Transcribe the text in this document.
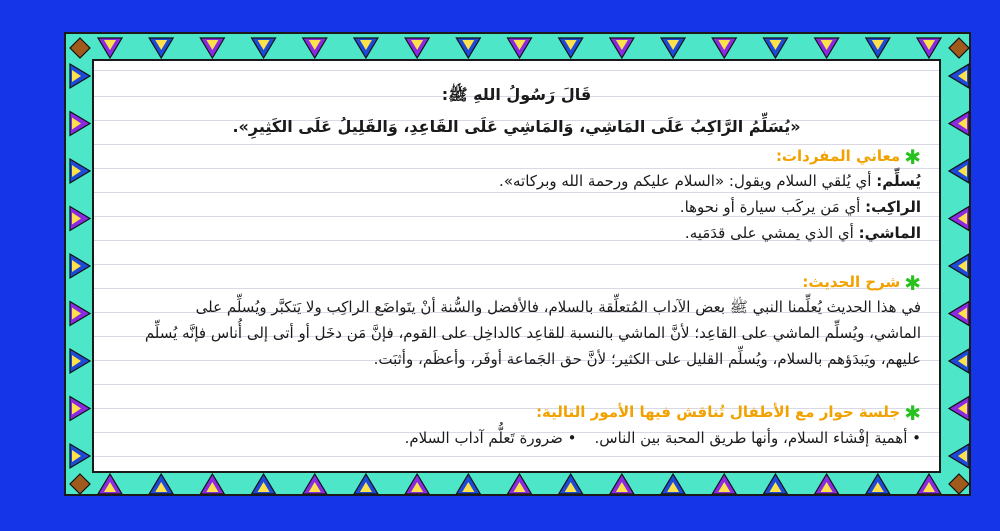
قَالَ رَسُولُ اللهِ ﷺ:
«يُسَلِّمُ الرَّاكِبُ عَلَى المَاشِي، وَالمَاشِي عَلَى القَاعِدِ، وَالقَلِيلُ عَلَى الكَثِيرِ».
✱معاني المفردات:
يُسلِّم: أي يُلقي السلام ويقول: «السلام عليكم ورحمة الله وبركاته».
الراكِب: أي مَن يركَب سيارة أو نحوها.
الماشي: أي الذي يمشي على قدَمَيه.
✱شرح الحديث:
في هذا الحديث يُعلِّمنا النبي ﷺ بعض الآداب المُتعلِّقة بالسلام، فالأفضل والسُّنة أنْ يتَواضَع الراكِب ولا يَتكبَّر ويُسلِّم على
الماشي، ويُسلِّم الماشي على القاعِد؛ لأنَّ الماشي بالنسبة للقاعِد كالداخِل على القوم، فإنَّ مَن دخَل أو أتى إلى أُناس فإنَّه يُسلِّم
عليهم، ويَبدَؤهم بالسلام، ويُسلِّم القليل على الكثير؛ لأنَّ حق الجَماعة أوفَر، وأعظَم، وأثبَت.
✱جلسة حوار مع الأطفال تُناقش فيها الأمور التالية:
• أهمية إفْشاء السلام، وأنها طريق المحبة بين الناس.• ضرورة تَعلُّم آداب السلام.
